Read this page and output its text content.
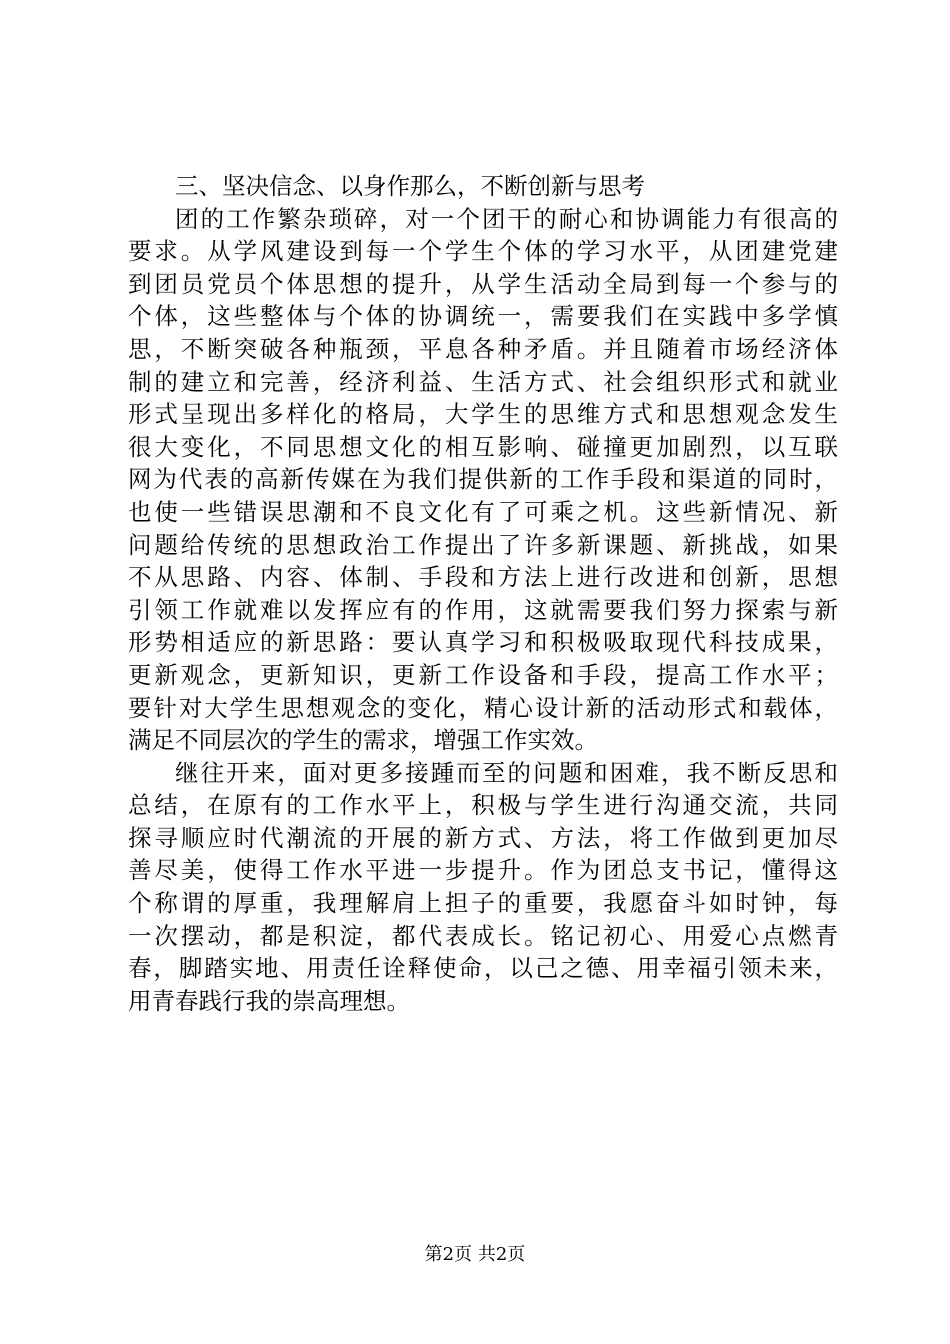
三、坚决信念、以身作那么，不断创新与思考
团的工作繁杂琐碎，对一个团干的耐心和协调能力有很高的
要求。从学风建设到每一个学生个体的学习水平，从团建党建
到团员党员个体思想的提升，从学生活动全局到每一个参与的
个体，这些整体与个体的协调统一，需要我们在实践中多学慎
思，不断突破各种瓶颈，平息各种矛盾。并且随着市场经济体
制的建立和完善，经济利益、生活方式、社会组织形式和就业
形式呈现出多样化的格局，大学生的思维方式和思想观念发生
很大变化，不同思想文化的相互影响、碰撞更加剧烈，以互联
网为代表的高新传媒在为我们提供新的工作手段和渠道的同时，
也使一些错误思潮和不良文化有了可乘之机。这些新情况、新
问题给传统的思想政治工作提出了许多新课题、新挑战，如果
不从思路、内容、体制、手段和方法上进行改进和创新，思想
引领工作就难以发挥应有的作用，这就需要我们努力探索与新
形势相适应的新思路：要认真学习和积极吸取现代科技成果，
更新观念，更新知识，更新工作设备和手段，提高工作水平；
要针对大学生思想观念的变化，精心设计新的活动形式和载体，
满足不同层次的学生的需求，增强工作实效。
继往开来，面对更多接踵而至的问题和困难，我不断反思和
总结，在原有的工作水平上，积极与学生进行沟通交流，共同
探寻顺应时代潮流的开展的新方式、方法，将工作做到更加尽
善尽美，使得工作水平进一步提升。作为团总支书记，懂得这
个称谓的厚重，我理解肩上担子的重要，我愿奋斗如时钟，每
一次摆动，都是积淀，都代表成长。铭记初心、用爱心点燃青
春，脚踏实地、用责任诠释使命，以己之德、用幸福引领未来，
用青春践行我的崇高理想。
第2页 共2页
